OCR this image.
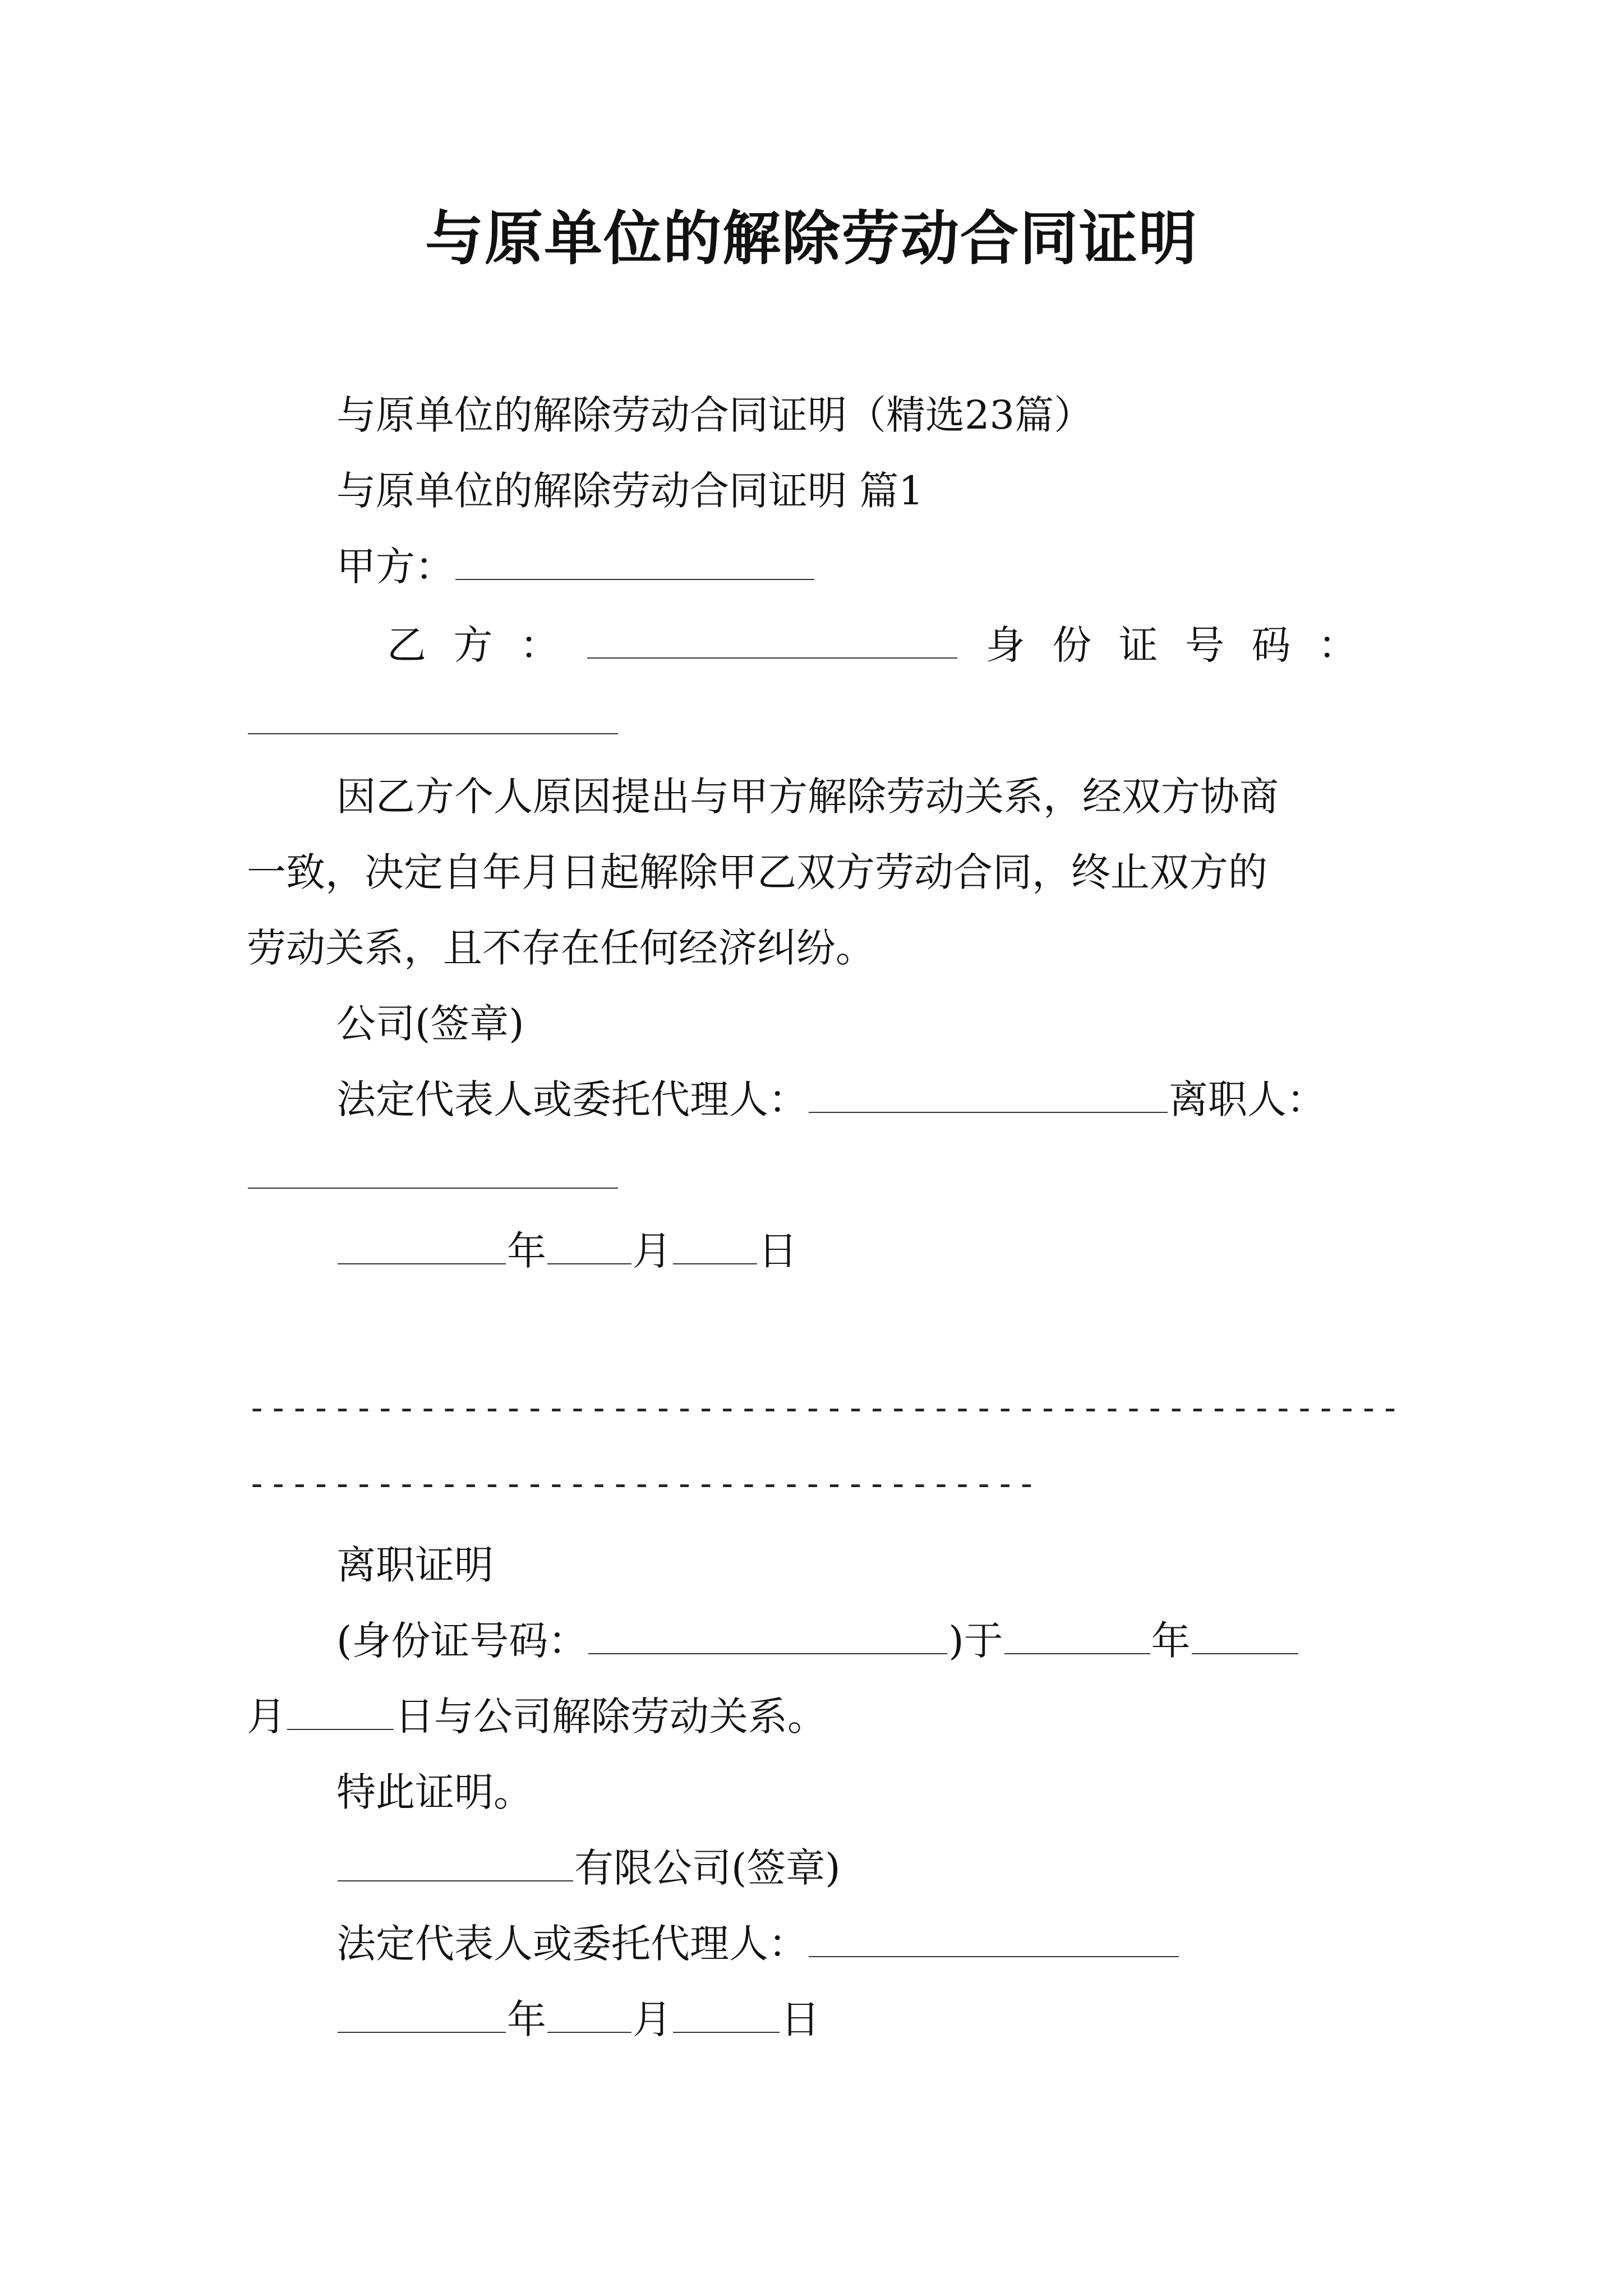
与原单位的解除劳动合同证明
与原单位的解除劳动合同证明（精选23篇）
与原单位的解除劳动合同证明 篇1
甲方：
乙 方 ：	身 份 证 号 码 ：
因乙方个人原因提出与甲方解除劳动关系，经双方协商
一致，决定自年月日起解除甲乙双方劳动合同，终止双方的
劳动关系，且不存在任何经济纠纷。
公司(签章)
法定代表人或委托代理人：	离职人：
年 月 日
------------------------------------------------------
-------------------------------------
离职证明
(身份证号码：	)于	年
月	日与公司解除劳动关系。
特此证明。
有限公司(签章)
法定代表人或委托代理人：
年 月	日
